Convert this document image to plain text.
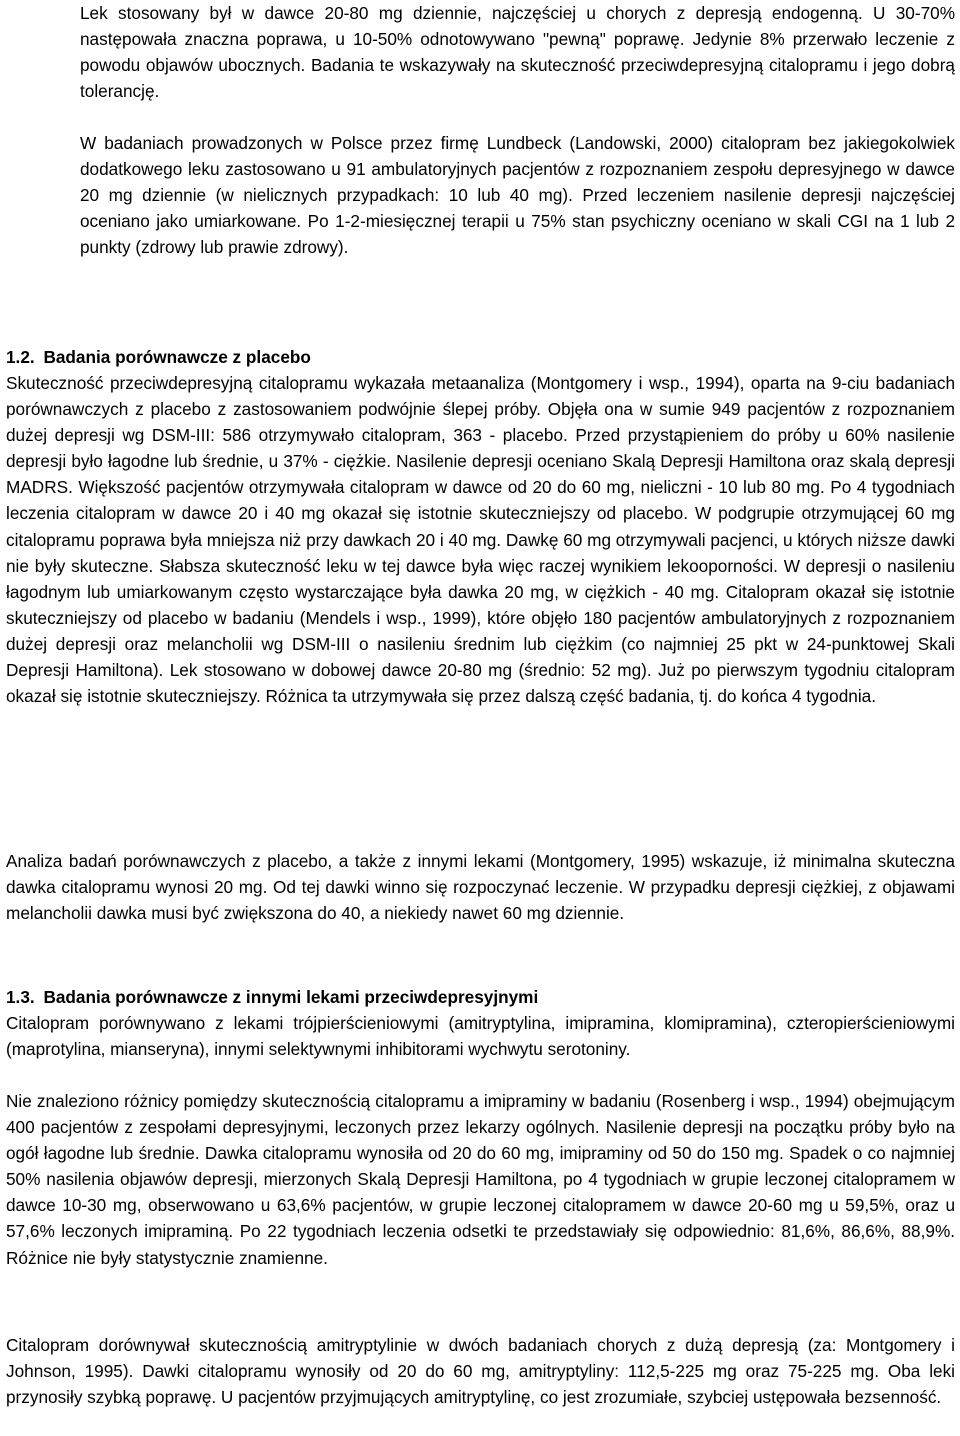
Lek stosowany był w dawce 20-80 mg dziennie, najczęściej u chorych z depresją endogenną. U 30-70% następowała znaczna poprawa, u 10-50% odnotowywano "pewną" poprawę. Jedynie 8% przerwało leczenie z powodu objawów ubocznych. Badania te wskazywały na skuteczność przeciwdepresyjną citalopramu i jego dobrą tolerancję.

W badaniach prowadzonych w Polsce przez firmę Lundbeck (Landowski, 2000) citalopram bez jakiegokolwiek dodatkowego leku zastosowano u 91 ambulatoryjnych pacjentów z rozpoznaniem zespołu depresyjnego w dawce 20 mg dziennie (w nielicznych przypadkach: 10 lub 40 mg). Przed leczeniem nasilenie depresji najczęściej oceniano jako umiarkowane. Po 1-2-miesięcznej terapii u 75% stan psychiczny oceniano w skali CGI na 1 lub 2 punkty (zdrowy lub prawie zdrowy).

1.2. Badania porównawcze z placebo

Skuteczność przeciwdepresyjną citalopramu wykazała metaanaliza (Montgomery i wsp., 1994), oparta na 9-ciu badaniach porównawczych z placebo z zastosowaniem podwójnie ślepej próby. Objęła ona w sumie 949 pacjentów z rozpoznaniem dużej depresji wg DSM-III: 586 otrzymywało citalopram, 363 - placebo. Przed przystąpieniem do próby u 60% nasilenie depresji było łagodne lub średnie, u 37% - ciężkie. Nasilenie depresji oceniano Skalą Depresji Hamiltona oraz skalą depresji MADRS. Większość pacjentów otrzymywała citalopram w dawce od 20 do 60 mg, nieliczni - 10 lub 80 mg. Po 4 tygodniach leczenia citalopram w dawce 20 i 40 mg okazał się istotnie skuteczniejszy od placebo. W podgrupie otrzymującej 60 mg citalopramu poprawa była mniejsza niż przy dawkach 20 i 40 mg. Dawkę 60 mg otrzymywali pacjenci, u których niższe dawki nie były skuteczne. Słabsza skuteczność leku w tej dawce była więc raczej wynikiem lekooporności. W depresji o nasileniu łagodnym lub umiarkowanym często wystarczające była dawka 20 mg, w ciężkich - 40 mg. Citalopram okazał się istotnie skuteczniejszy od placebo w badaniu (Mendels i wsp., 1999), które objęło 180 pacjentów ambulatoryjnych z rozpoznaniem dużej depresji oraz melancholii wg DSM-III o nasileniu średnim lub ciężkim (co najmniej 25 pkt w 24-punktowej Skali Depresji Hamiltona). Lek stosowano w dobowej dawce 20-80 mg (średnio: 52 mg). Już po pierwszym tygodniu citalopram okazał się istotnie skuteczniejszy. Różnica ta utrzymywała się przez dalszą część badania, tj. do końca 4 tygodnia.

Analiza badań porównawczych z placebo, a także z innymi lekami (Montgomery, 1995) wskazuje, iż minimalna skuteczna dawka citalopramu wynosi 20 mg. Od tej dawki winno się rozpoczynać leczenie. W przypadku depresji ciężkiej, z objawami melancholii dawka musi być zwiększona do 40, a niekiedy nawet 60 mg dziennie.

1.3. Badania porównawcze z innymi lekami przeciwdepresyjnymi

Citalopram porównywano z lekami trójpierścieniowymi (amitryptylina, imipramina, klomipramina), czteropierścieniowymi (maprotylina, mianseryna), innymi selektywnymi inhibitorami wychwytu serotoniny.

Nie znaleziono różnicy pomiędzy skutecznością citalopramu a imipraminy w badaniu (Rosenberg i wsp., 1994) obejmującym 400 pacjentów z zespołami depresyjnymi, leczonych przez lekarzy ogólnych. Nasilenie depresji na początku próby było na ogół łagodne lub średnie. Dawka citalopramu wynosiła od 20 do 60 mg, imipraminy od 50 do 150 mg. Spadek o co najmniej 50% nasilenia objawów depresji, mierzonych Skalą Depresji Hamiltona, po 4 tygodniach w grupie leczonej citalopramem w dawce 10-30 mg, obserwowano u 63,6% pacjentów, w grupie leczonej citalopramem w dawce 20-60 mg u 59,5%, oraz u 57,6% leczonych imipraminą. Po 22 tygodniach leczenia odsetki te przedstawiały się odpowiednio: 81,6%, 86,6%, 88,9%. Różnice nie były statystycznie znamienne.

Citalopram dorównywał skutecznością amitryptylinie w dwóch badaniach chorych z dużą depresją (za: Montgomery i Johnson, 1995). Dawki citalopramu wynosiły od 20 do 60 mg, amitryptyliny: 112,5-225 mg oraz 75-225 mg. Oba leki przynosiły szybką poprawę. U pacjentów przyjmujących amitryptylinę, co jest zrozumiałe, szybciej ustępowała bezsenność.
